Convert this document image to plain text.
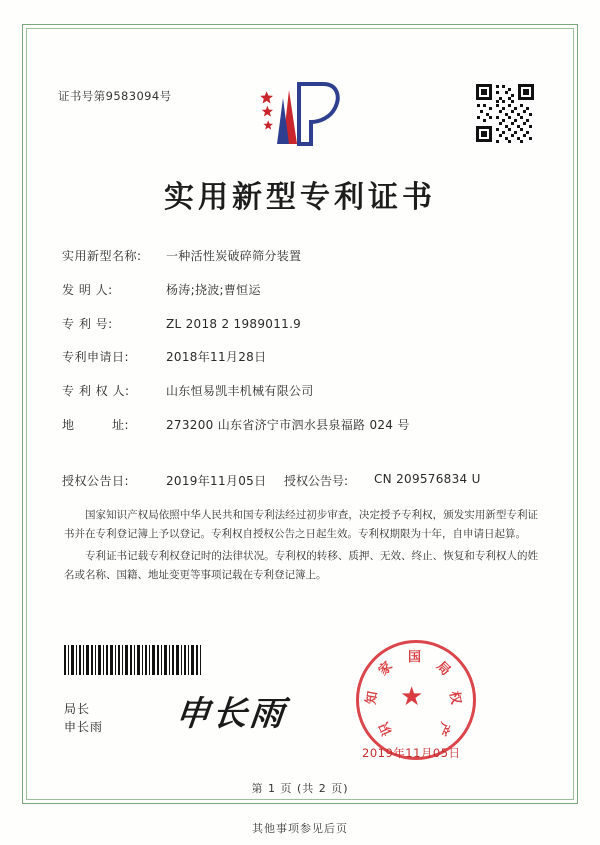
证书号第9583094号
实用新型专利证书
实用新型名称:	一种活性炭破碎筛分装置
发 明 人:	杨涛;挠波;曹恒运
专 利 号:	ZL 2018 2 1989011.9
专利申请日:	2018年11月28日
专 利 权 人:	山东恒易凯丰机械有限公司
地　　　址:	273200 山东省济宁市泗水县泉福路 024 号
授权公告日:	2019年11月05日	授权公告号:	CN 209576834 U
国家知识产权局依照中华人民共和国专利法经过初步审查，决定授予专利权，颁发实用新型专利证书并在专利登记簿上予以登记。专利权自授权公告之日起生效。专利权期限为十年，自申请日起算。
专利证书记载专利权登记时的法律状况。专利权的转移、质押、无效、终止、恢复和专利权人的姓名或名称、国籍、地址变更等事项记载在专利登记簿上。
局长
申长雨 申长雨	★
国
家
知
识	产
权
局
2019年11月05日
第 1 页 (共 2 页)
其他事项参见后页
